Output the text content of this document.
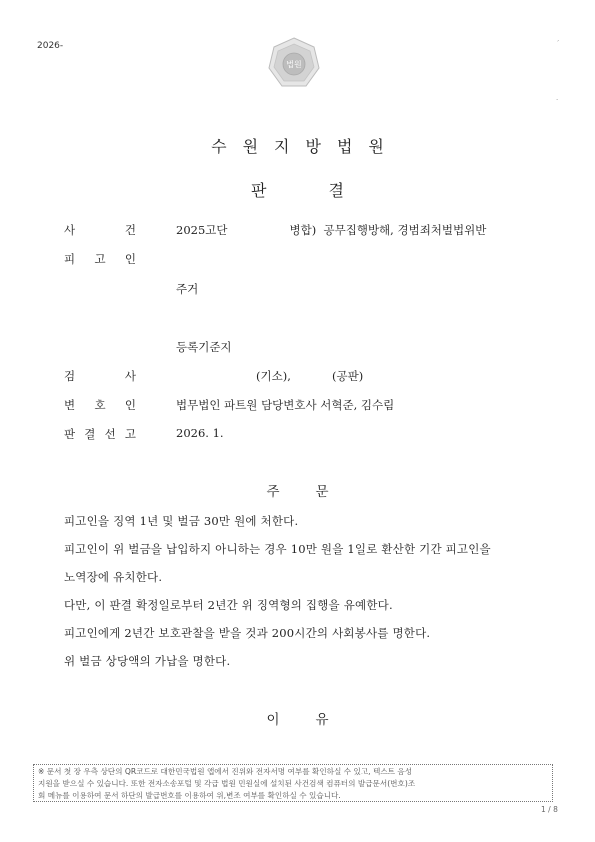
2026-
법원
´
·
수원지방법원
판결
사	건	2025고단	병합) 공무집행방해, 경범죄처벌법위반
피 고 인
주거
등록기준지
검	사	(기소),	(공판)
변 호 인	법무법인 파트원 담당변호사 서혁준, 김수림
판 결 선 고	2026. 1.
주문
피고인을 징역 1년 및 벌금 30만 원에 처한다.
피고인이 위 벌금을 납입하지 아니하는 경우 10만 원을 1일로 환산한 기간 피고인을
노역장에 유치한다.
다만, 이 판결 확정일로부터 2년간 위 징역형의 집행을 유예한다.
피고인에게 2년간 보호관찰을 받을 것과 200시간의 사회봉사를 명한다.
위 벌금 상당액의 가납을 명한다.
이유
※ 문서 첫 장 우측 상단의 QR코드로 대한민국법원 앱에서 진위와 전자서명 여부를 확인하실 수 있고, 텍스트 음성
지원을 받으실 수 있습니다. 또한 전자소송포털 및 각급 법원 민원실에 설치된 사건검색 컴퓨터의 발급문서(번호)조
회 메뉴를 이용하여 문서 하단의 발급번호를 이용하여 위,변조 여부를 확인하실 수 있습니다.
1 / 8
